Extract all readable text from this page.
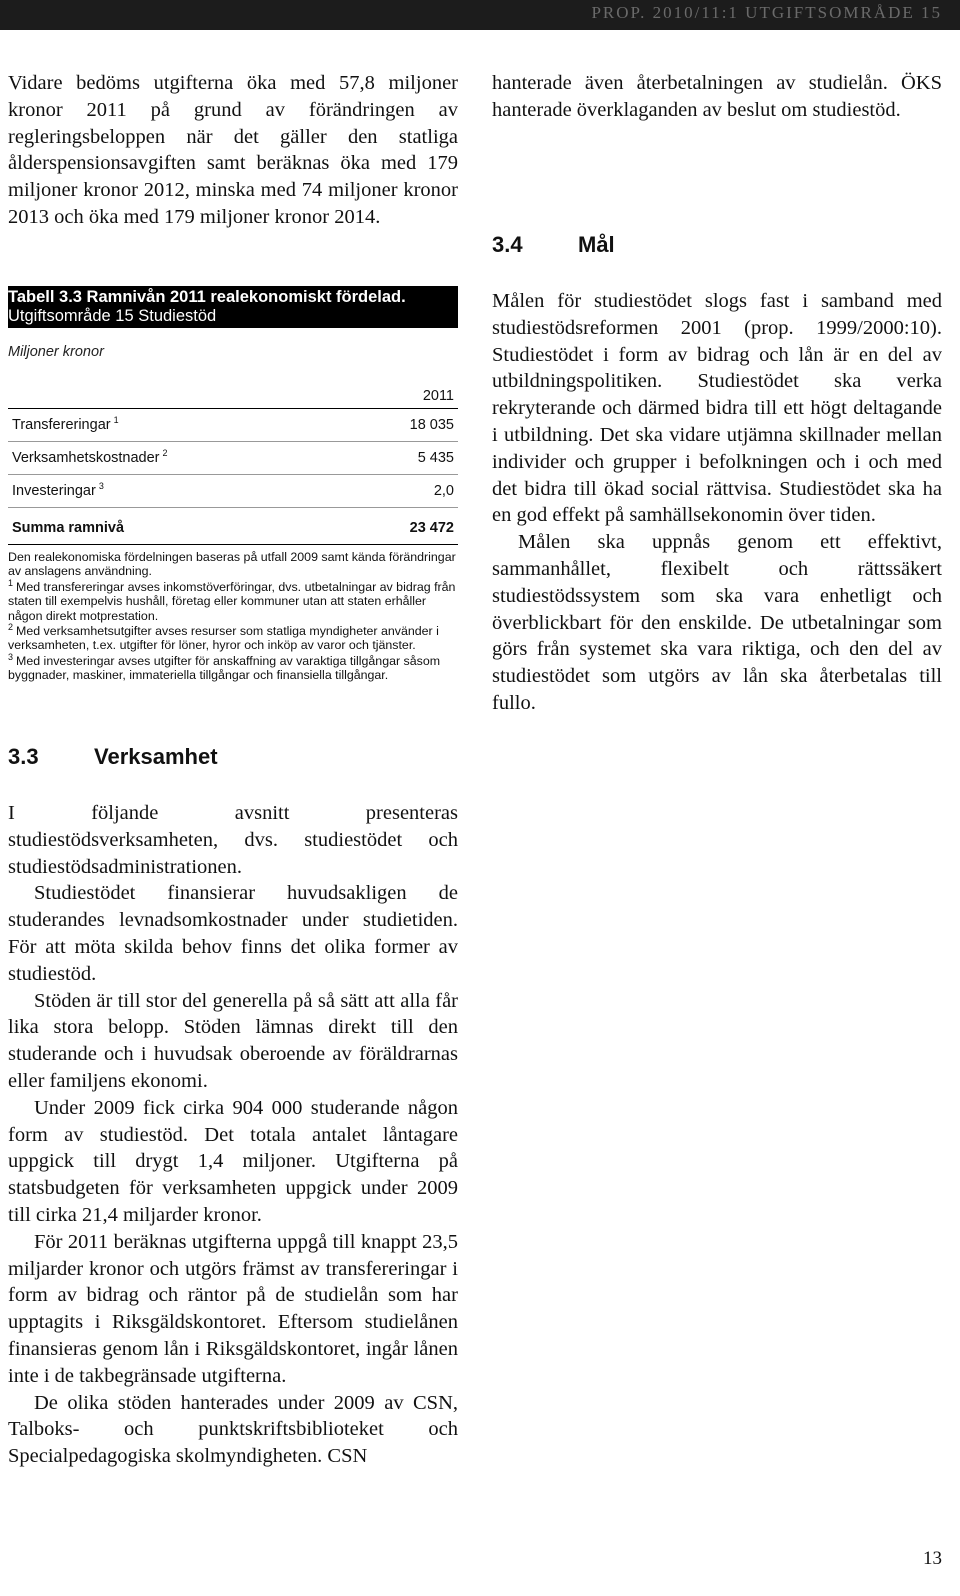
PROP. 2010/11:1 UTGIFTSOMRÅDE 15

Vidare bedöms utgifterna öka med 57,8 miljoner kronor 2011 på grund av förändringen av regleringsbeloppen när det gäller den statliga ålderspensionsavgiften samt beräknas öka med 179 miljoner kronor 2012, minska med 74 miljoner kronor 2013 och öka med 179 miljoner kronor 2014.

Tabell 3.3 Ramnivån 2011 realekonomiskt fördelad.
Utgiftsområde 15 Studiestöd
Miljoner kronor
2011
Transfereringar $^1$	18 035
Verksamhetskostnader $^2$	5 435
Investeringar $^3$	2,0
Summa ramnivå	23 472

Den realekonomiska fördelningen baseras på utfall 2009 samt kända förändringar av anslagens användning.

$^1$ Med transfereringar avses inkomstöverföringar, dvs. utbetalningar av bidrag från staten till exempelvis hushåll, företag eller kommuner utan att staten erhåller någon direkt motprestation.

$^2$ Med verksamhetsutgifter avses resurser som statliga myndigheter använder i verksamheten, t.ex. utgifter för löner, hyror och inköp av varor och tjänster.

$^3$ Med investeringar avses utgifter för anskaffning av varaktiga tillgångar såsom byggnader, maskiner, immateriella tillgångar och finansiella tillgångar.

3.3	Verksamhet

I följande avsnitt presenteras studiestödsverksamheten, dvs. studiestödet och studiestödsadministrationen.

Studiestödet finansierar huvudsakligen de studerandes levnadsomkostnader under studietiden. För att möta skilda behov finns det olika former av studiestöd.

Stöden är till stor del generella på så sätt att alla får lika stora belopp. Stöden lämnas direkt till den studerande och i huvudsak oberoende av föräldrarnas eller familjens ekonomi.

Under 2009 fick cirka 904 000 studerande någon form av studiestöd. Det totala antalet låntagare uppgick till drygt 1,4 miljoner. Utgifterna på statsbudgeten för verksamheten uppgick under 2009 till cirka 21,4 miljarder kronor.

För 2011 beräknas utgifterna uppgå till knappt 23,5 miljarder kronor och utgörs främst av transfereringar i form av bidrag och räntor på de studielån som har upptagits i Riksgäldskontoret. Eftersom studielånen finansieras genom lån i Riksgäldskontoret, ingår lånen inte i de takbegränsade utgifterna.

De olika stöden hanterades under 2009 av CSN, Talboks- och punktskriftsbiblioteket och Specialpedagogiska skolmyndigheten. CSN

hanterade även återbetalningen av studielån. ÖKS hanterade överklaganden av beslut om studiestöd.

3.4	Mål

Målen för studiestödet slogs fast i samband med studiestödsreformen 2001 (prop. 1999/2000:10). Studiestödet i form av bidrag och lån är en del av utbildningspolitiken. Studiestödet ska verka rekryterande och därmed bidra till ett högt deltagande i utbildning. Det ska vidare utjämna skillnader mellan individer och grupper i befolkningen och i och med det bidra till ökad social rättvisa. Studiestödet ska ha en god effekt på samhällsekonomin över tiden.

Målen ska uppnås genom ett effektivt, sammanhållet, flexibelt och rättssäkert studiestödssystem som ska vara enhetligt och överblickbart för den enskilde. De utbetalningar som görs från systemet ska vara riktiga, och den del av studiestödet som utgörs av lån ska återbetalas till fullo.

13
